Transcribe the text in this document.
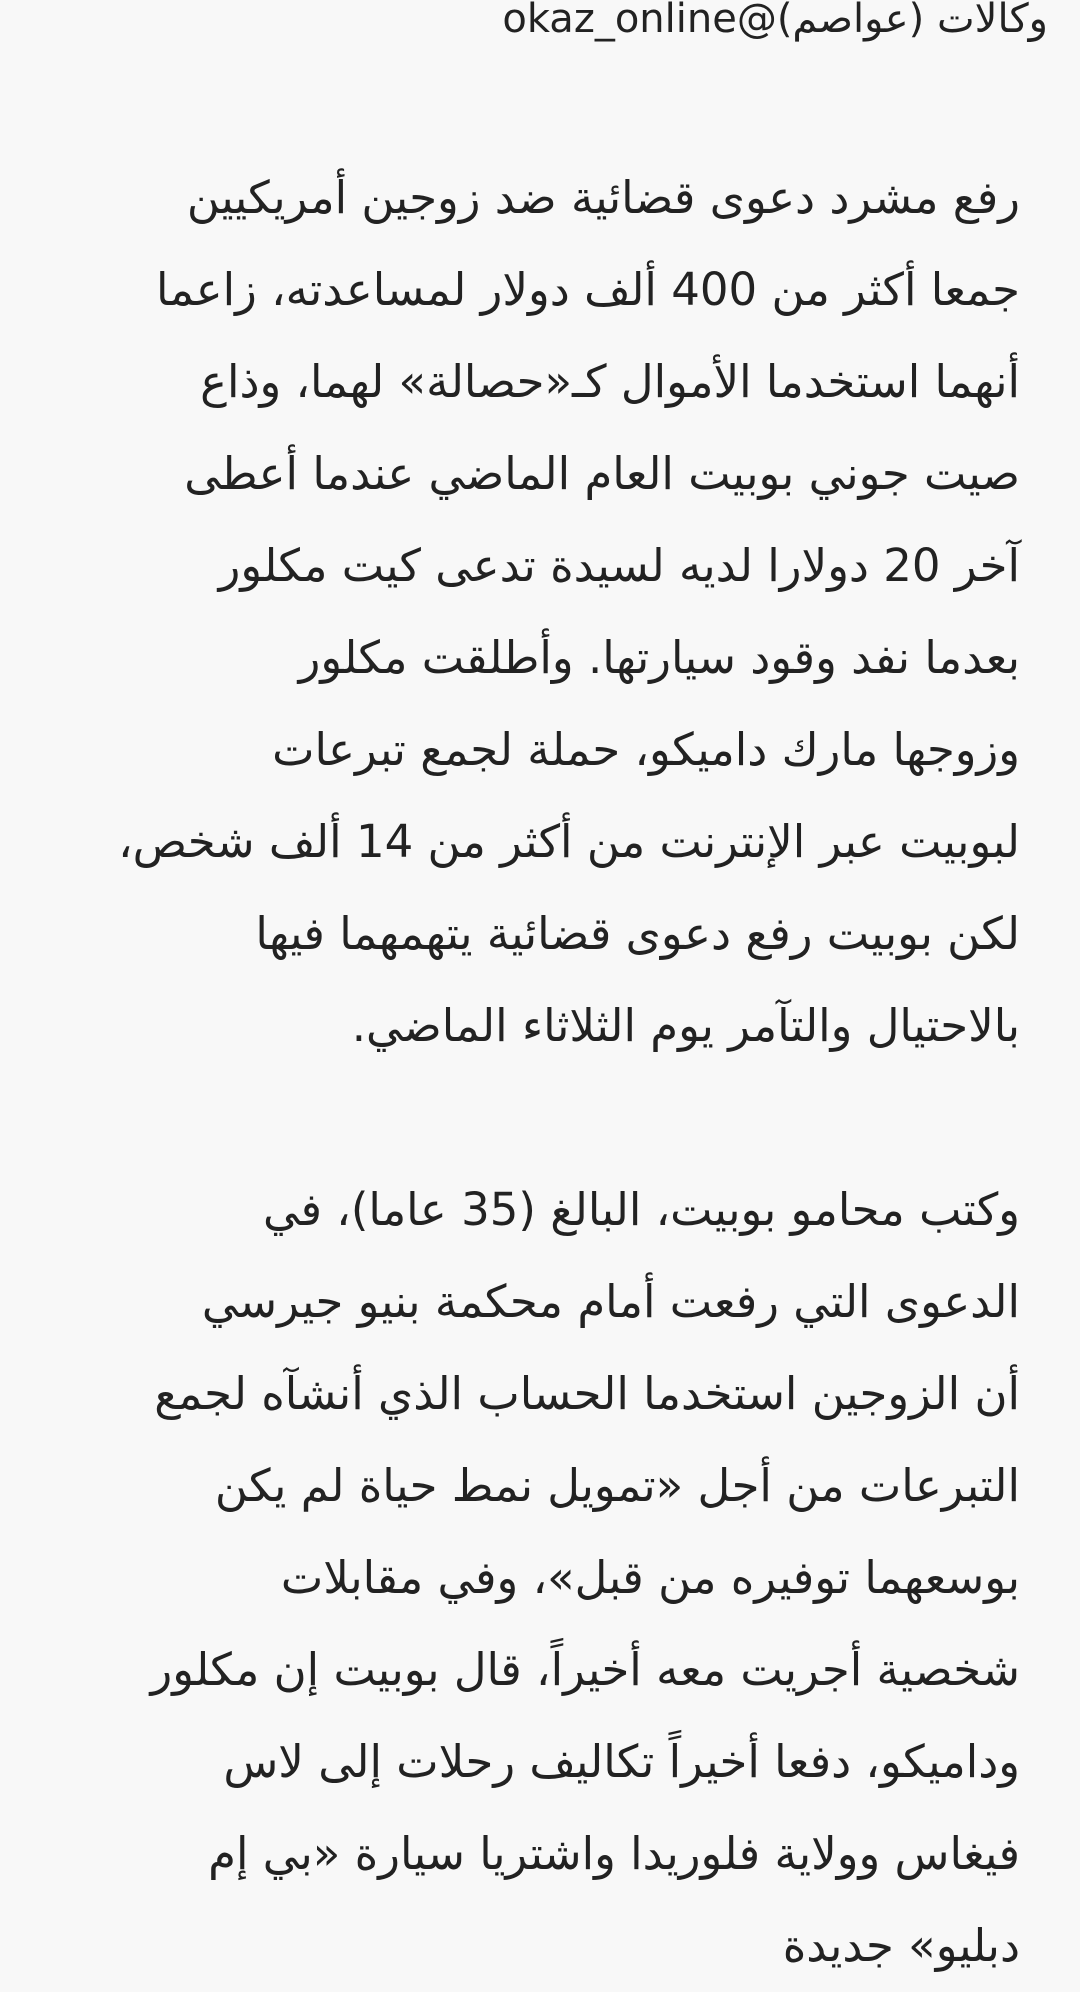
وكالات (عواصم)@okaz_online

رفع مشرد دعوى قضائية ضد زوجين أمريكيين
جمعا أكثر من 400 ألف دولار لمساعدته، زاعما
أنهما استخدما الأموال كـ«حصالة» لهما، وذاع
صيت جوني بوبيت العام الماضي عندما أعطى
آخر 20 دولارا لديه لسيدة تدعى كيت مكلور
بعدما نفد وقود سيارتها. وأطلقت مكلور
وزوجها مارك داميكو، حملة لجمع تبرعات
لبوبيت عبر الإنترنت من أكثر من 14 ألف شخص،
لكن بوبيت رفع دعوى قضائية يتهمهما فيها
بالاحتيال والتآمر يوم الثلاثاء الماضي.

وكتب محامو بوبيت، البالغ (35 عاما)، في
الدعوى التي رفعت أمام محكمة بنيو جيرسي
أن الزوجين استخدما الحساب الذي أنشآه لجمع
التبرعات من أجل «تمويل نمط حياة لم يكن
بوسعهما توفيره من قبل»، وفي مقابلات
شخصية أجريت معه أخيراً، قال بوبيت إن مكلور
وداميكو، دفعا أخيراً تكاليف رحلات إلى لاس
فيغاس وولاية فلوريدا واشتريا سيارة «بي إم
دبليو» جديدة
